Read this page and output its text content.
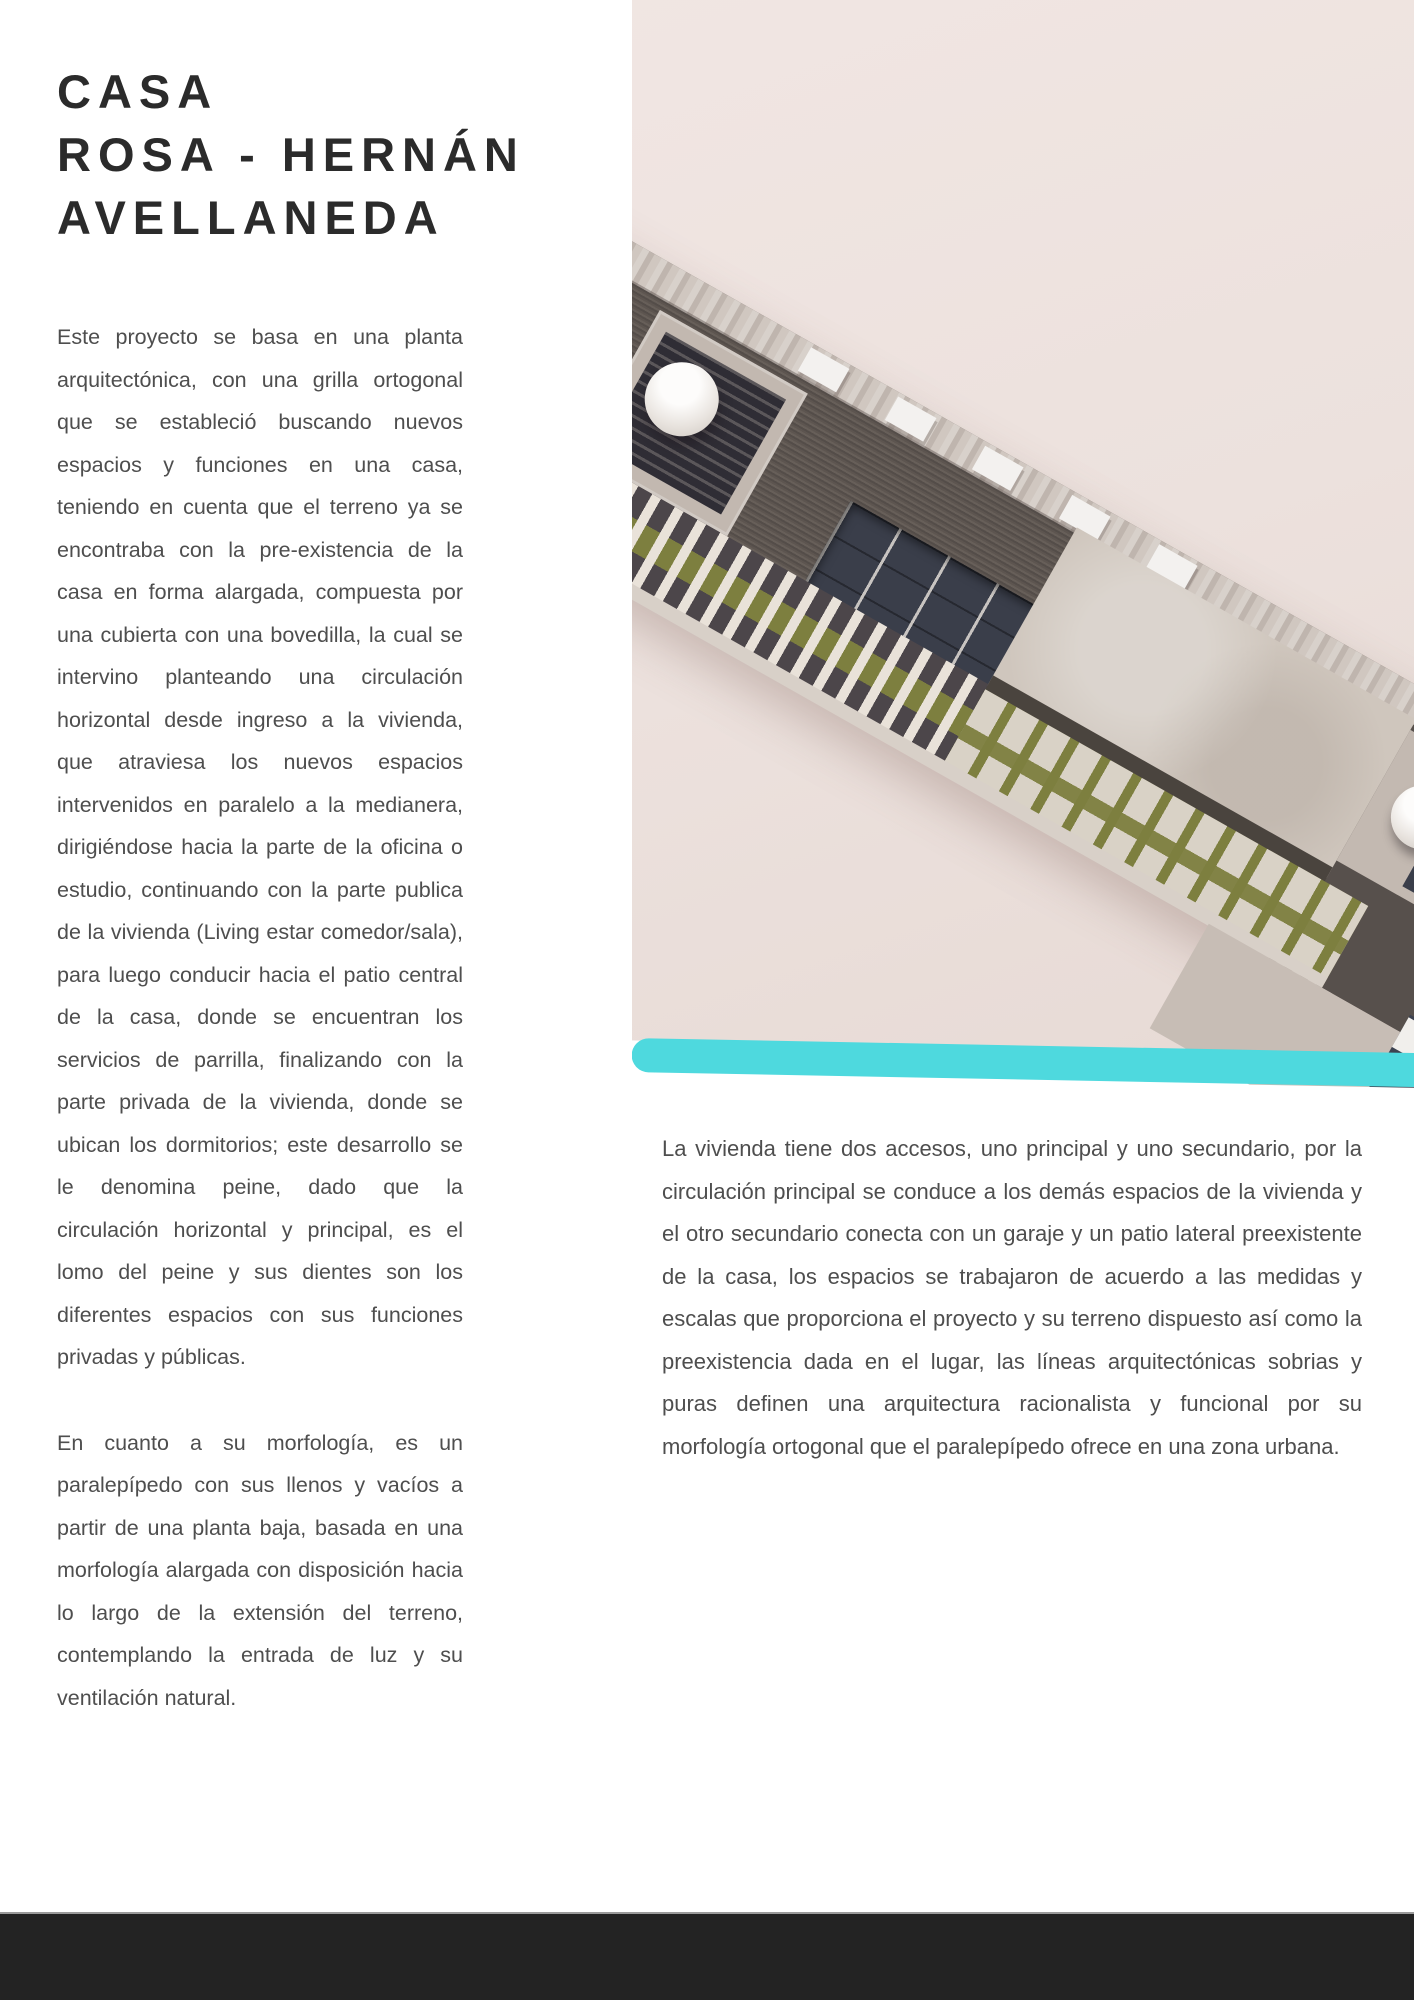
CASA
ROSA - HERNÁN
AVELLANEDA

Este proyecto se basa en una planta arquitectónica, con una grilla ortogonal que se estableció buscando nuevos espacios y funciones en una casa, teniendo en cuenta que el terreno ya se encontraba con la pre-existencia de la casa en forma alargada, compuesta por una cubierta con una bovedilla, la cual se intervino planteando una circulación horizontal desde ingreso a la vivienda, que atraviesa los nuevos espacios intervenidos en paralelo a la medianera, dirigiéndose hacia la parte de la oficina o estudio, continuando con la parte publica de la vivienda (Living estar comedor/sala), para luego conducir hacia el patio central de la casa, donde se encuentran los servicios de parrilla, finalizando con la parte privada de la vivienda, donde se ubican los dormitorios; este desarrollo se le denomina peine, dado que la circulación horizontal y principal, es el lomo del peine y sus dientes son los diferentes espacios con sus funciones privadas y públicas.

En cuanto a su morfología, es un paralepípedo con sus llenos y vacíos a partir de una planta baja, basada en una morfología alargada con disposición hacia lo largo de la extensión del terreno, contemplando la entrada de luz y su ventilación natural.

La vivienda tiene dos accesos, uno principal y uno secundario, por la circulación principal se conduce a los demás espacios de la vivienda y el otro secundario conecta con un garaje y un patio lateral preexistente de la casa, los espacios se trabajaron de acuerdo a las medidas y escalas que proporciona el proyecto y su terreno dispuesto así como la preexistencia dada en el lugar, las líneas arquitectónicas sobrias y puras definen una arquitectura racionalista y funcional por su morfología ortogonal que el paralepípedo ofrece en una zona urbana.
